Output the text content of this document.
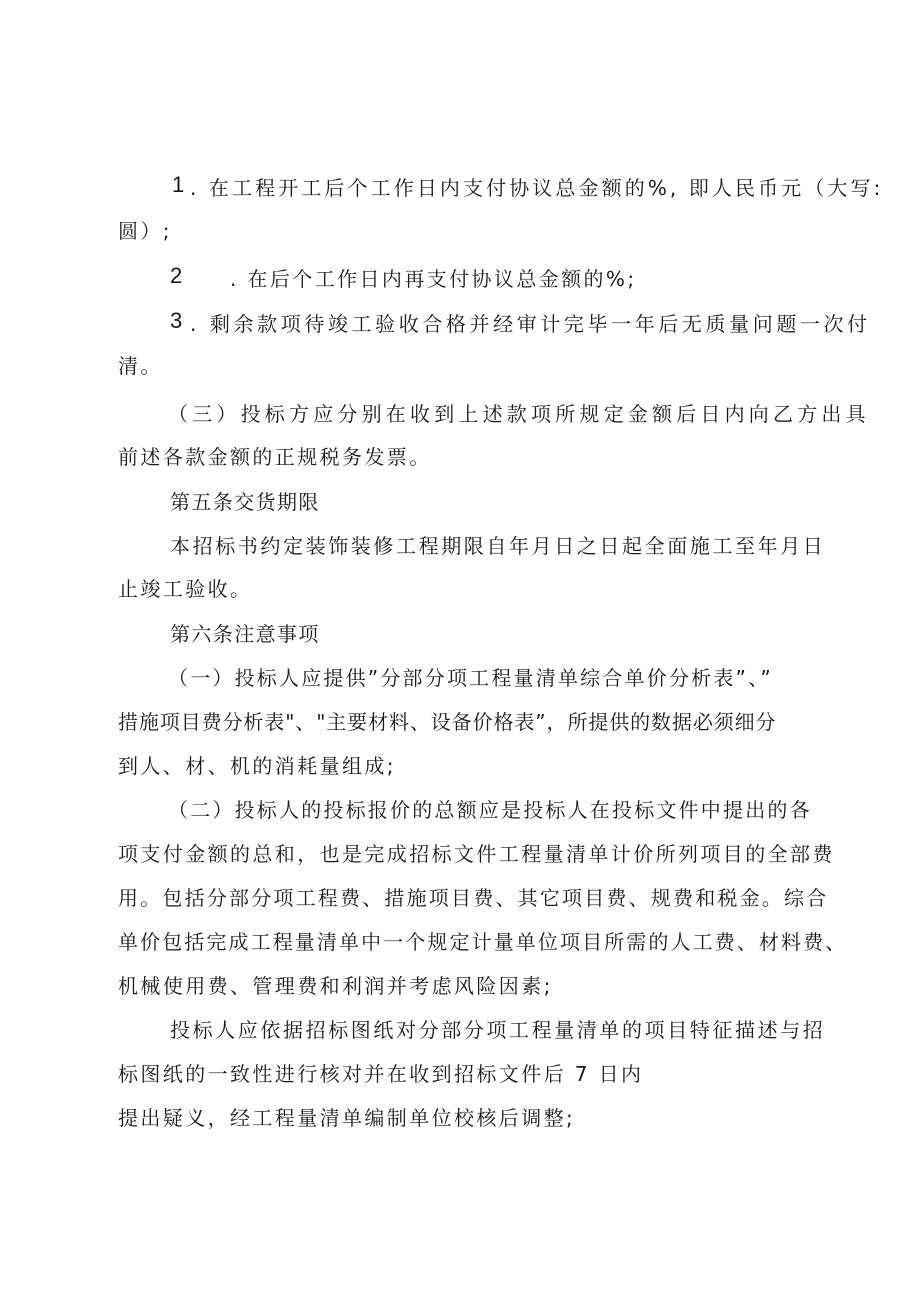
1 . 在工程开工后个工作日内支付协议总金额的%, 即人民币元（大写:

圆）;

2 . 在后个工作日内再支付协议总金额的%;

3 . 剩余款项待竣工验收合格并经审计完毕一年后无质量问题一次付

清。

（三）投标方应分别在收到上述款项所规定金额后日内向乙方出具

前述各款金额的正规税务发票。

第五条交货期限

本招标书约定装饰装修工程期限自年月日之日起全面施工至年月日

止竣工验收。

第六条注意事项

（一）投标人应提供”分部分项工程量清单综合单价分析表”、”

措施项目费分析表"、"主要材料、设备价格表”，所提供的数据必须细分

到人、材、机的消耗量组成;

（二）投标人的投标报价的总额应是投标人在投标文件中提出的各

项支付金额的总和，也是完成招标文件工程量清单计价所列项目的全部费

用。包括分部分项工程费、措施项目费、其它项目费、规费和税金。综合

单价包括完成工程量清单中一个规定计量单位项目所需的人工费、材料费、

机械使用费、管理费和利润并考虑风险因素;

投标人应依据招标图纸对分部分项工程量清单的项目特征描述与招

标图纸的一致性进行核对并在收到招标文件后 7 日内

提出疑义，经工程量清单编制单位校核后调整;
